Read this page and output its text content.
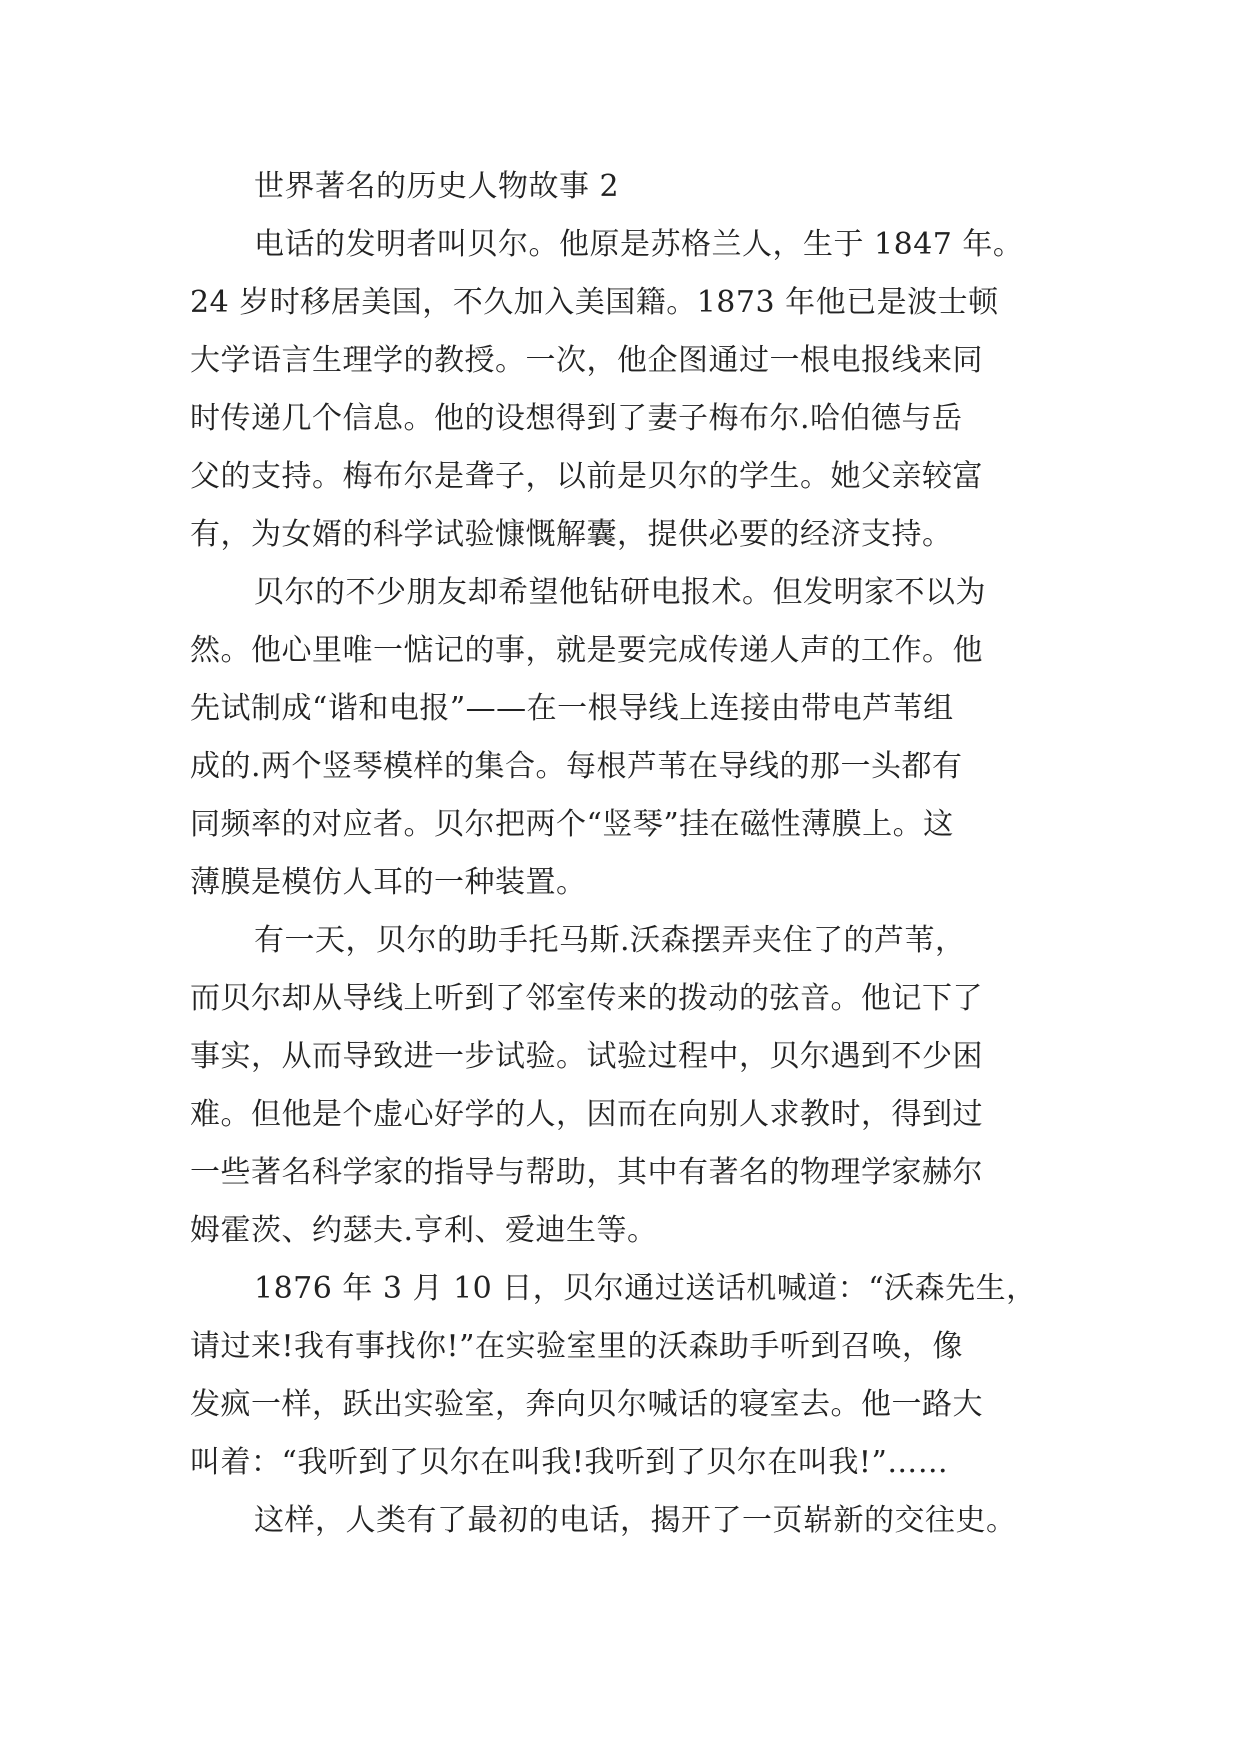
世界著名的历史人物故事 2
电话的发明者叫贝尔。他原是苏格兰人，生于 1847 年。
24 岁时移居美国，不久加入美国籍。1873 年他已是波士顿
大学语言生理学的教授。一次，他企图通过一根电报线来同
时传递几个信息。他的设想得到了妻子梅布尔.哈伯德与岳
父的支持。梅布尔是聋子，以前是贝尔的学生。她父亲较富
有，为女婿的科学试验慷慨解囊，提供必要的经济支持。
贝尔的不少朋友却希望他钻研电报术。但发明家不以为
然。他心里唯一惦记的事，就是要完成传递人声的工作。他
先试制成“谐和电报”——在一根导线上连接由带电芦苇组
成的.两个竖琴模样的集合。每根芦苇在导线的那一头都有
同频率的对应者。贝尔把两个“竖琴”挂在磁性薄膜上。这
薄膜是模仿人耳的一种装置。
有一天，贝尔的助手托马斯.沃森摆弄夹住了的芦苇，
而贝尔却从导线上听到了邻室传来的拨动的弦音。他记下了
事实，从而导致进一步试验。试验过程中，贝尔遇到不少困
难。但他是个虚心好学的人，因而在向别人求教时，得到过
一些著名科学家的指导与帮助，其中有著名的物理学家赫尔
姆霍茨、约瑟夫.亨利、爱迪生等。
1876 年 3 月 10 日，贝尔通过送话机喊道：“沃森先生，
请过来!我有事找你!”在实验室里的沃森助手听到召唤，像
发疯一样，跃出实验室，奔向贝尔喊话的寝室去。他一路大
叫着：“我听到了贝尔在叫我!我听到了贝尔在叫我!”……
这样，人类有了最初的电话，揭开了一页崭新的交往史。
